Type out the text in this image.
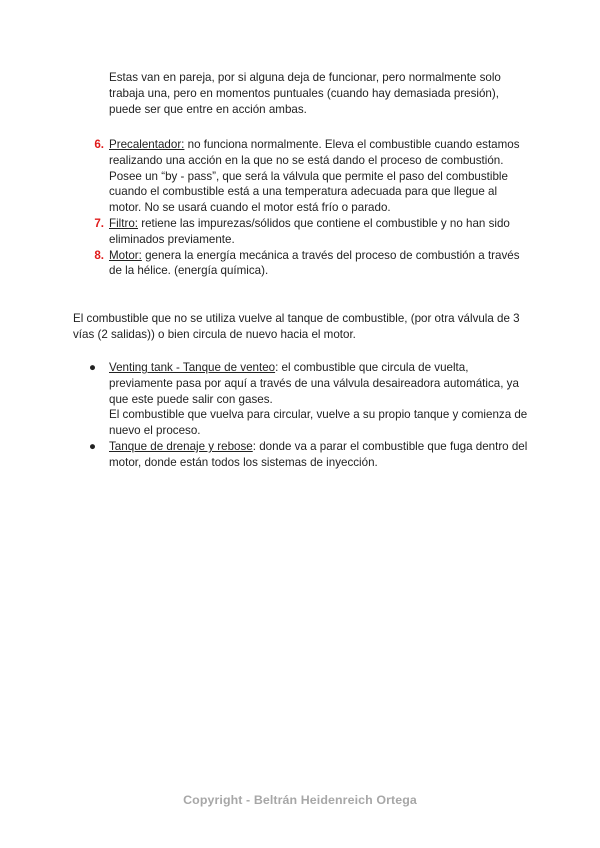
Estas van en pareja, por si alguna deja de funcionar, pero normalmente solo trabaja una, pero en momentos puntuales (cuando hay demasiada presión), puede ser que entre en acción ambas.

6. Precalentador: no funciona normalmente. Eleva el combustible cuando estamos realizando una acción en la que no se está dando el proceso de combustión.

Posee un “by - pass”, que será la válvula que permite el paso del combustible cuando el combustible está a una temperatura adecuada para que llegue al motor. No se usará cuando el motor está frío o parado.

7. Filtro: retiene las impurezas/sólidos que contiene el combustible y no han sido eliminados previamente.

8. Motor: genera la energía mecánica a través del proceso de combustión a través de la hélice. (energía química).

El combustible que no se utiliza vuelve al tanque de combustible, (por otra válvula de 3 vías (2 salidas)) o bien circula de nuevo hacia el motor.

● Venting tank - Tanque de venteo: el combustible que circula de vuelta, previamente pasa por aquí a través de una válvula desaireadora automática, ya que este puede salir con gases.

El combustible que vuelva para circular, vuelve a su propio tanque y comienza de nuevo el proceso.

● Tanque de drenaje y rebose: donde va a parar el combustible que fuga dentro del motor, donde están todos los sistemas de inyección.

Copyright - Beltrán Heidenreich Ortega
